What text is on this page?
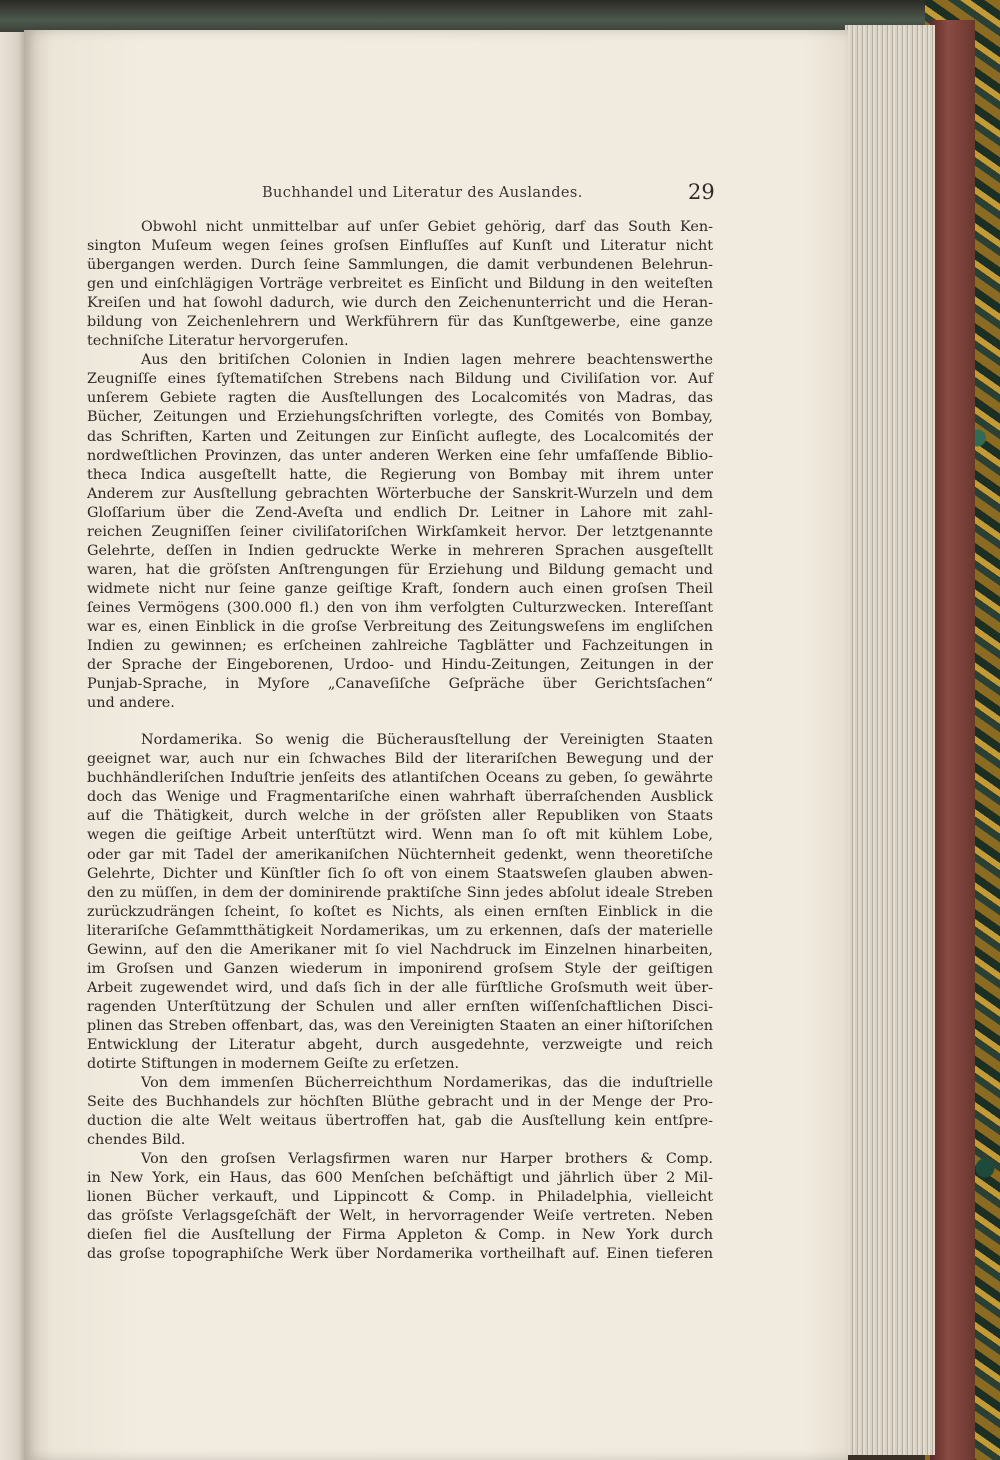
Buchhandel und Literatur des Auslandes.	29
Obwohl nicht unmittelbar auf unſer Gebiet gehörig, darf das South Ken-
sington Muſeum wegen ſeines groſsen Einfluſſes auf Kunſt und Literatur nicht
übergangen werden. Durch ſeine Sammlungen, die damit verbundenen Belehrun-
gen und einſchlägigen Vorträge verbreitet es Einſicht und Bildung in den weiteſten
Kreiſen und hat ſowohl dadurch, wie durch den Zeichenunterricht und die Heran-
bildung von Zeichenlehrern und Werkführern für das Kunſtgewerbe, eine ganze
techniſche Literatur hervorgerufen.
Aus den britiſchen Colonien in Indien lagen mehrere beachtenswerthe
Zeugniſſe eines ſyſtematiſchen Strebens nach Bildung und Civiliſation vor. Auf
unſerem Gebiete ragten die Ausſtellungen des Localcomités von Madras, das
Bücher, Zeitungen und Erziehungsſchriften vorlegte, des Comités von Bombay,
das Schriften, Karten und Zeitungen zur Einſicht auflegte, des Localcomités der
nordweſtlichen Provinzen, das unter anderen Werken eine ſehr umfaſſende Biblio-
theca Indica ausgeſtellt hatte, die Regierung von Bombay mit ihrem unter
Anderem zur Ausſtellung gebrachten Wörterbuche der Sanskrit-Wurzeln und dem
Gloſſarium über die Zend-Aveſta und endlich Dr. Leitner in Lahore mit zahl-
reichen Zeugniſſen ſeiner civiliſatoriſchen Wirkſamkeit hervor. Der letztgenannte
Gelehrte, deſſen in Indien gedruckte Werke in mehreren Sprachen ausgeſtellt
waren, hat die gröſsten Anſtrengungen für Erziehung und Bildung gemacht und
widmete nicht nur ſeine ganze geiſtige Kraft, ſondern auch einen groſsen Theil
ſeines Vermögens (300.000 fl.) den von ihm verfolgten Culturzwecken. Intereſſant
war es, einen Einblick in die groſse Verbreitung des Zeitungsweſens im engliſchen
Indien zu gewinnen; es erſcheinen zahlreiche Tagblätter und Fachzeitungen in
der Sprache der Eingeborenen, Urdoo- und Hindu-Zeitungen, Zeitungen in der
Punjab-Sprache, in Myſore „Canaveſiſche Geſpräche über Gerichtsſachen“
und andere.
Nordamerika. So wenig die Bücherausſtellung der Vereinigten Staaten
geeignet war, auch nur ein ſchwaches Bild der literariſchen Bewegung und der
buchhändleriſchen Induſtrie jenſeits des atlantiſchen Oceans zu geben, ſo gewährte
doch das Wenige und Fragmentariſche einen wahrhaft überraſchenden Ausblick
auf die Thätigkeit, durch welche in der gröſsten aller Republiken von Staats
wegen die geiſtige Arbeit unterſtützt wird. Wenn man ſo oft mit kühlem Lobe,
oder gar mit Tadel der amerikaniſchen Nüchternheit gedenkt, wenn theoretiſche
Gelehrte, Dichter und Künſtler ſich ſo oft von einem Staatsweſen glauben abwen-
den zu müſſen, in dem der dominirende praktiſche Sinn jedes abſolut ideale Streben
zurückzudrängen ſcheint, ſo koſtet es Nichts, als einen ernſten Einblick in die
literariſche Geſammtthätigkeit Nordamerikas, um zu erkennen, daſs der materielle
Gewinn, auf den die Amerikaner mit ſo viel Nachdruck im Einzelnen hinarbeiten,
im Groſsen und Ganzen wiederum in imponirend groſsem Style der geiſtigen
Arbeit zugewendet wird, und daſs ſich in der alle fürſtliche Groſsmuth weit über-
ragenden Unterſtützung der Schulen und aller ernſten wiſſenſchaftlichen Disci-
plinen das Streben offenbart, das, was den Vereinigten Staaten an einer hiſtoriſchen
Entwicklung der Literatur abgeht, durch ausgedehnte, verzweigte und reich
dotirte Stiftungen in modernem Geiſte zu erſetzen.
Von dem immenſen Bücherreichthum Nordamerikas, das die induſtrielle
Seite des Buchhandels zur höchſten Blüthe gebracht und in der Menge der Pro-
duction die alte Welt weitaus übertroffen hat, gab die Ausſtellung kein entſpre-
chendes Bild.
Von den groſsen Verlagsfirmen waren nur Harper brothers & Comp.
in New York, ein Haus, das 600 Menſchen beſchäftigt und jährlich über 2 Mil-
lionen Bücher verkauft, und Lippincott & Comp. in Philadelphia, vielleicht
das gröſste Verlagsgeſchäft der Welt, in hervorragender Weiſe vertreten. Neben
dieſen fiel die Ausſtellung der Firma Appleton & Comp. in New York durch
das groſse topographiſche Werk über Nordamerika vortheilhaft auf. Einen tieferen
